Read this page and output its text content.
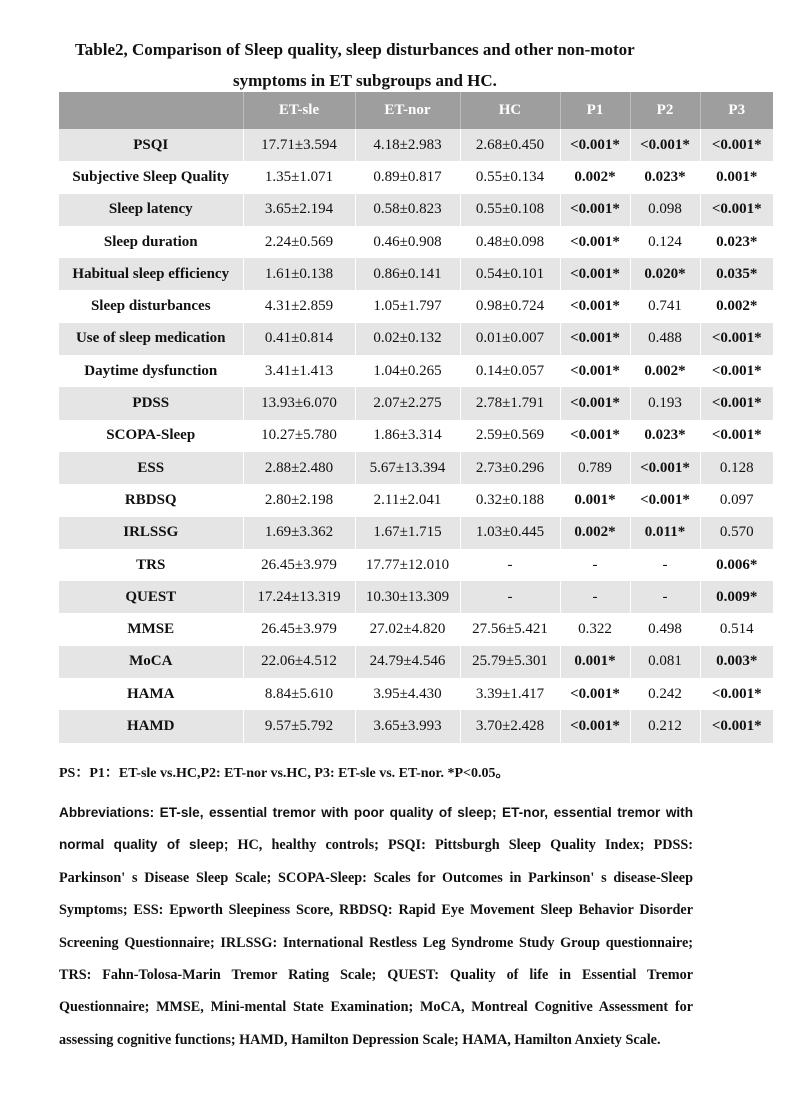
Table2, Comparison of Sleep quality, sleep disturbances and other non-motor
symptoms in ET subgroups and HC.
	ET-sle	ET-nor	HC	P1	P2	P3
PSQI	17.71±3.594	4.18±2.983	2.68±0.450	<0.001*	<0.001*	<0.001*
Subjective Sleep Quality	1.35±1.071	0.89±0.817	0.55±0.134	0.002*	0.023*	0.001*
Sleep latency	3.65±2.194	0.58±0.823	0.55±0.108	<0.001*	0.098	<0.001*
Sleep duration	2.24±0.569	0.46±0.908	0.48±0.098	<0.001*	0.124	0.023*
Habitual sleep efficiency	1.61±0.138	0.86±0.141	0.54±0.101	<0.001*	0.020*	0.035*
Sleep disturbances	4.31±2.859	1.05±1.797	0.98±0.724	<0.001*	0.741	0.002*
Use of sleep medication	0.41±0.814	0.02±0.132	0.01±0.007	<0.001*	0.488	<0.001*
Daytime dysfunction	3.41±1.413	1.04±0.265	0.14±0.057	<0.001*	0.002*	<0.001*
PDSS	13.93±6.070	2.07±2.275	2.78±1.791	<0.001*	0.193	<0.001*
SCOPA-Sleep	10.27±5.780	1.86±3.314	2.59±0.569	<0.001*	0.023*	<0.001*
ESS	2.88±2.480	5.67±13.394	2.73±0.296	0.789	<0.001*	0.128
RBDSQ	2.80±2.198	2.11±2.041	0.32±0.188	0.001*	<0.001*	0.097
IRLSSG	1.69±3.362	1.67±1.715	1.03±0.445	0.002*	0.011*	0.570
TRS	26.45±3.979	17.77±12.010	-	-	-	0.006*
QUEST	17.24±13.319	10.30±13.309	-	-	-	0.009*
MMSE	26.45±3.979	27.02±4.820	27.56±5.421	0.322	0.498	0.514
MoCA	22.06±4.512	24.79±4.546	25.79±5.301	0.001*	0.081	0.003*
HAMA	8.84±5.610	3.95±4.430	3.39±1.417	<0.001*	0.242	<0.001*
HAMD	9.57±5.792	3.65±3.993	3.70±2.428	<0.001*	0.212	<0.001*
PS：P1：ET-sle vs.HC,P2: ET-nor vs.HC, P3: ET-sle vs. ET-nor. *P<0.05。
Abbreviations: ET-sle, essential tremor with poor quality of sleep; ET-nor, essential tremor with normal quality of sleep; HC, healthy controls; PSQI: Pittsburgh Sleep Quality Index; PDSS: Parkinson' s Disease Sleep Scale; SCOPA-Sleep: Scales for Outcomes in Parkinson' s disease-Sleep Symptoms; ESS: Epworth Sleepiness Score, RBDSQ: Rapid Eye Movement Sleep Behavior Disorder Screening Questionnaire; IRLSSG: International Restless Leg Syndrome Study Group questionnaire; TRS: Fahn-Tolosa-Marin Tremor Rating Scale; QUEST: Quality of life in Essential Tremor Questionnaire; MMSE, Mini-mental State Examination; MoCA, Montreal Cognitive Assessment for assessing cognitive functions; HAMD, Hamilton Depression Scale; HAMA, Hamilton Anxiety Scale.
